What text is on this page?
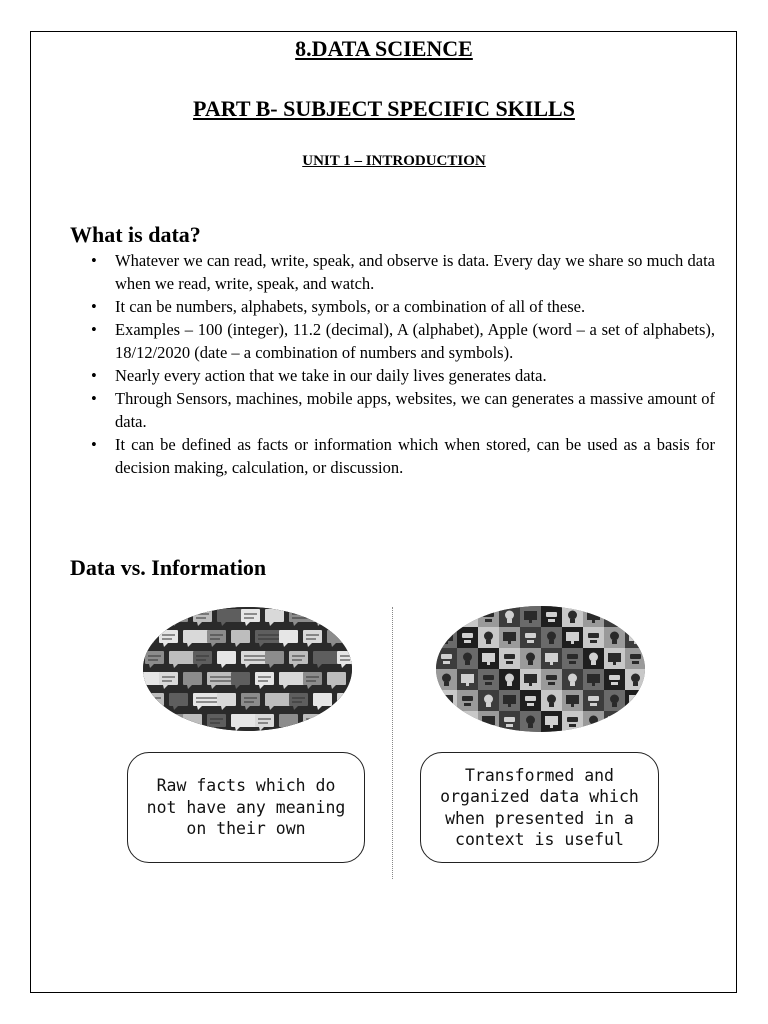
8.DATA SCIENCE
PART B- SUBJECT SPECIFIC SKILLS
UNIT 1 – INTRODUCTION
What is data?
• Whatever we can read, write, speak, and observe is data. Every day we share so much data when we read, write, speak, and watch.
• It can be numbers, alphabets, symbols, or a combination of all of these.
• Examples – 100 (integer), 11.2 (decimal), A (alphabet), Apple (word – a set of alphabets), 18/12/2020 (date – a combination of numbers and symbols).
• Nearly every action that we take in our daily lives generates data.
• Through Sensors, machines, mobile apps, websites, we can generates a massive amount of data.
• It can be defined as facts or information which when stored, can be used as a basis for decision making, calculation, or discussion.
Data vs. Information
Raw facts which do not have any meaning on their own
Transformed and organized data which when presented in a context is useful
